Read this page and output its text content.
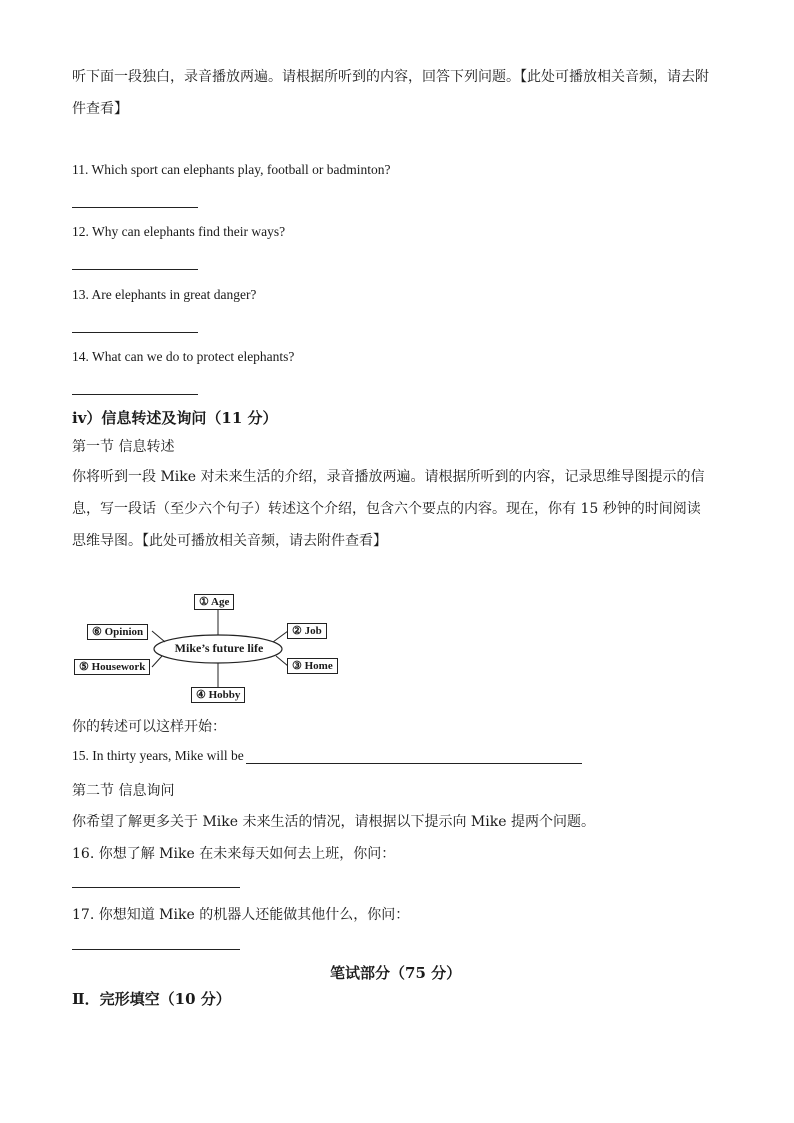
听下面一段独白，录音播放两遍。请根据所听到的内容，回答下列问题。【此处可播放相关音频，请去附件查看】
11. Which sport can elephants play, football or badminton?
12. Why can elephants find their ways?
13. Are elephants in great danger?
14. What can we do to protect elephants?
ⅳ）信息转述及询问（11 分）
第一节 信息转述
你将听到一段 Mike 对未来生活的介绍，录音播放两遍。请根据所听到的内容，记录思维导图提示的信息，写一段话（至少六个句子）转述这个介绍，包含六个要点的内容。现在，你有 15 秒钟的时间阅读思维导图。【此处可播放相关音频，请去附件查看】
Mike’s future life
① Age
⑥ Opinion	② Job
⑤ Housework	③ Home
④ Hobby
你的转述可以这样开始：
15. In thirty years, Mike will be
第二节 信息询问
你希望了解更多关于 Mike 未来生活的情况，请根据以下提示向 Mike 提两个问题。
16. 你想了解 Mike 在未来每天如何去上班，你问：
17. 你想知道 Mike 的机器人还能做其他什么，你问：
笔试部分（75 分）
Ⅱ．完形填空（10 分）
